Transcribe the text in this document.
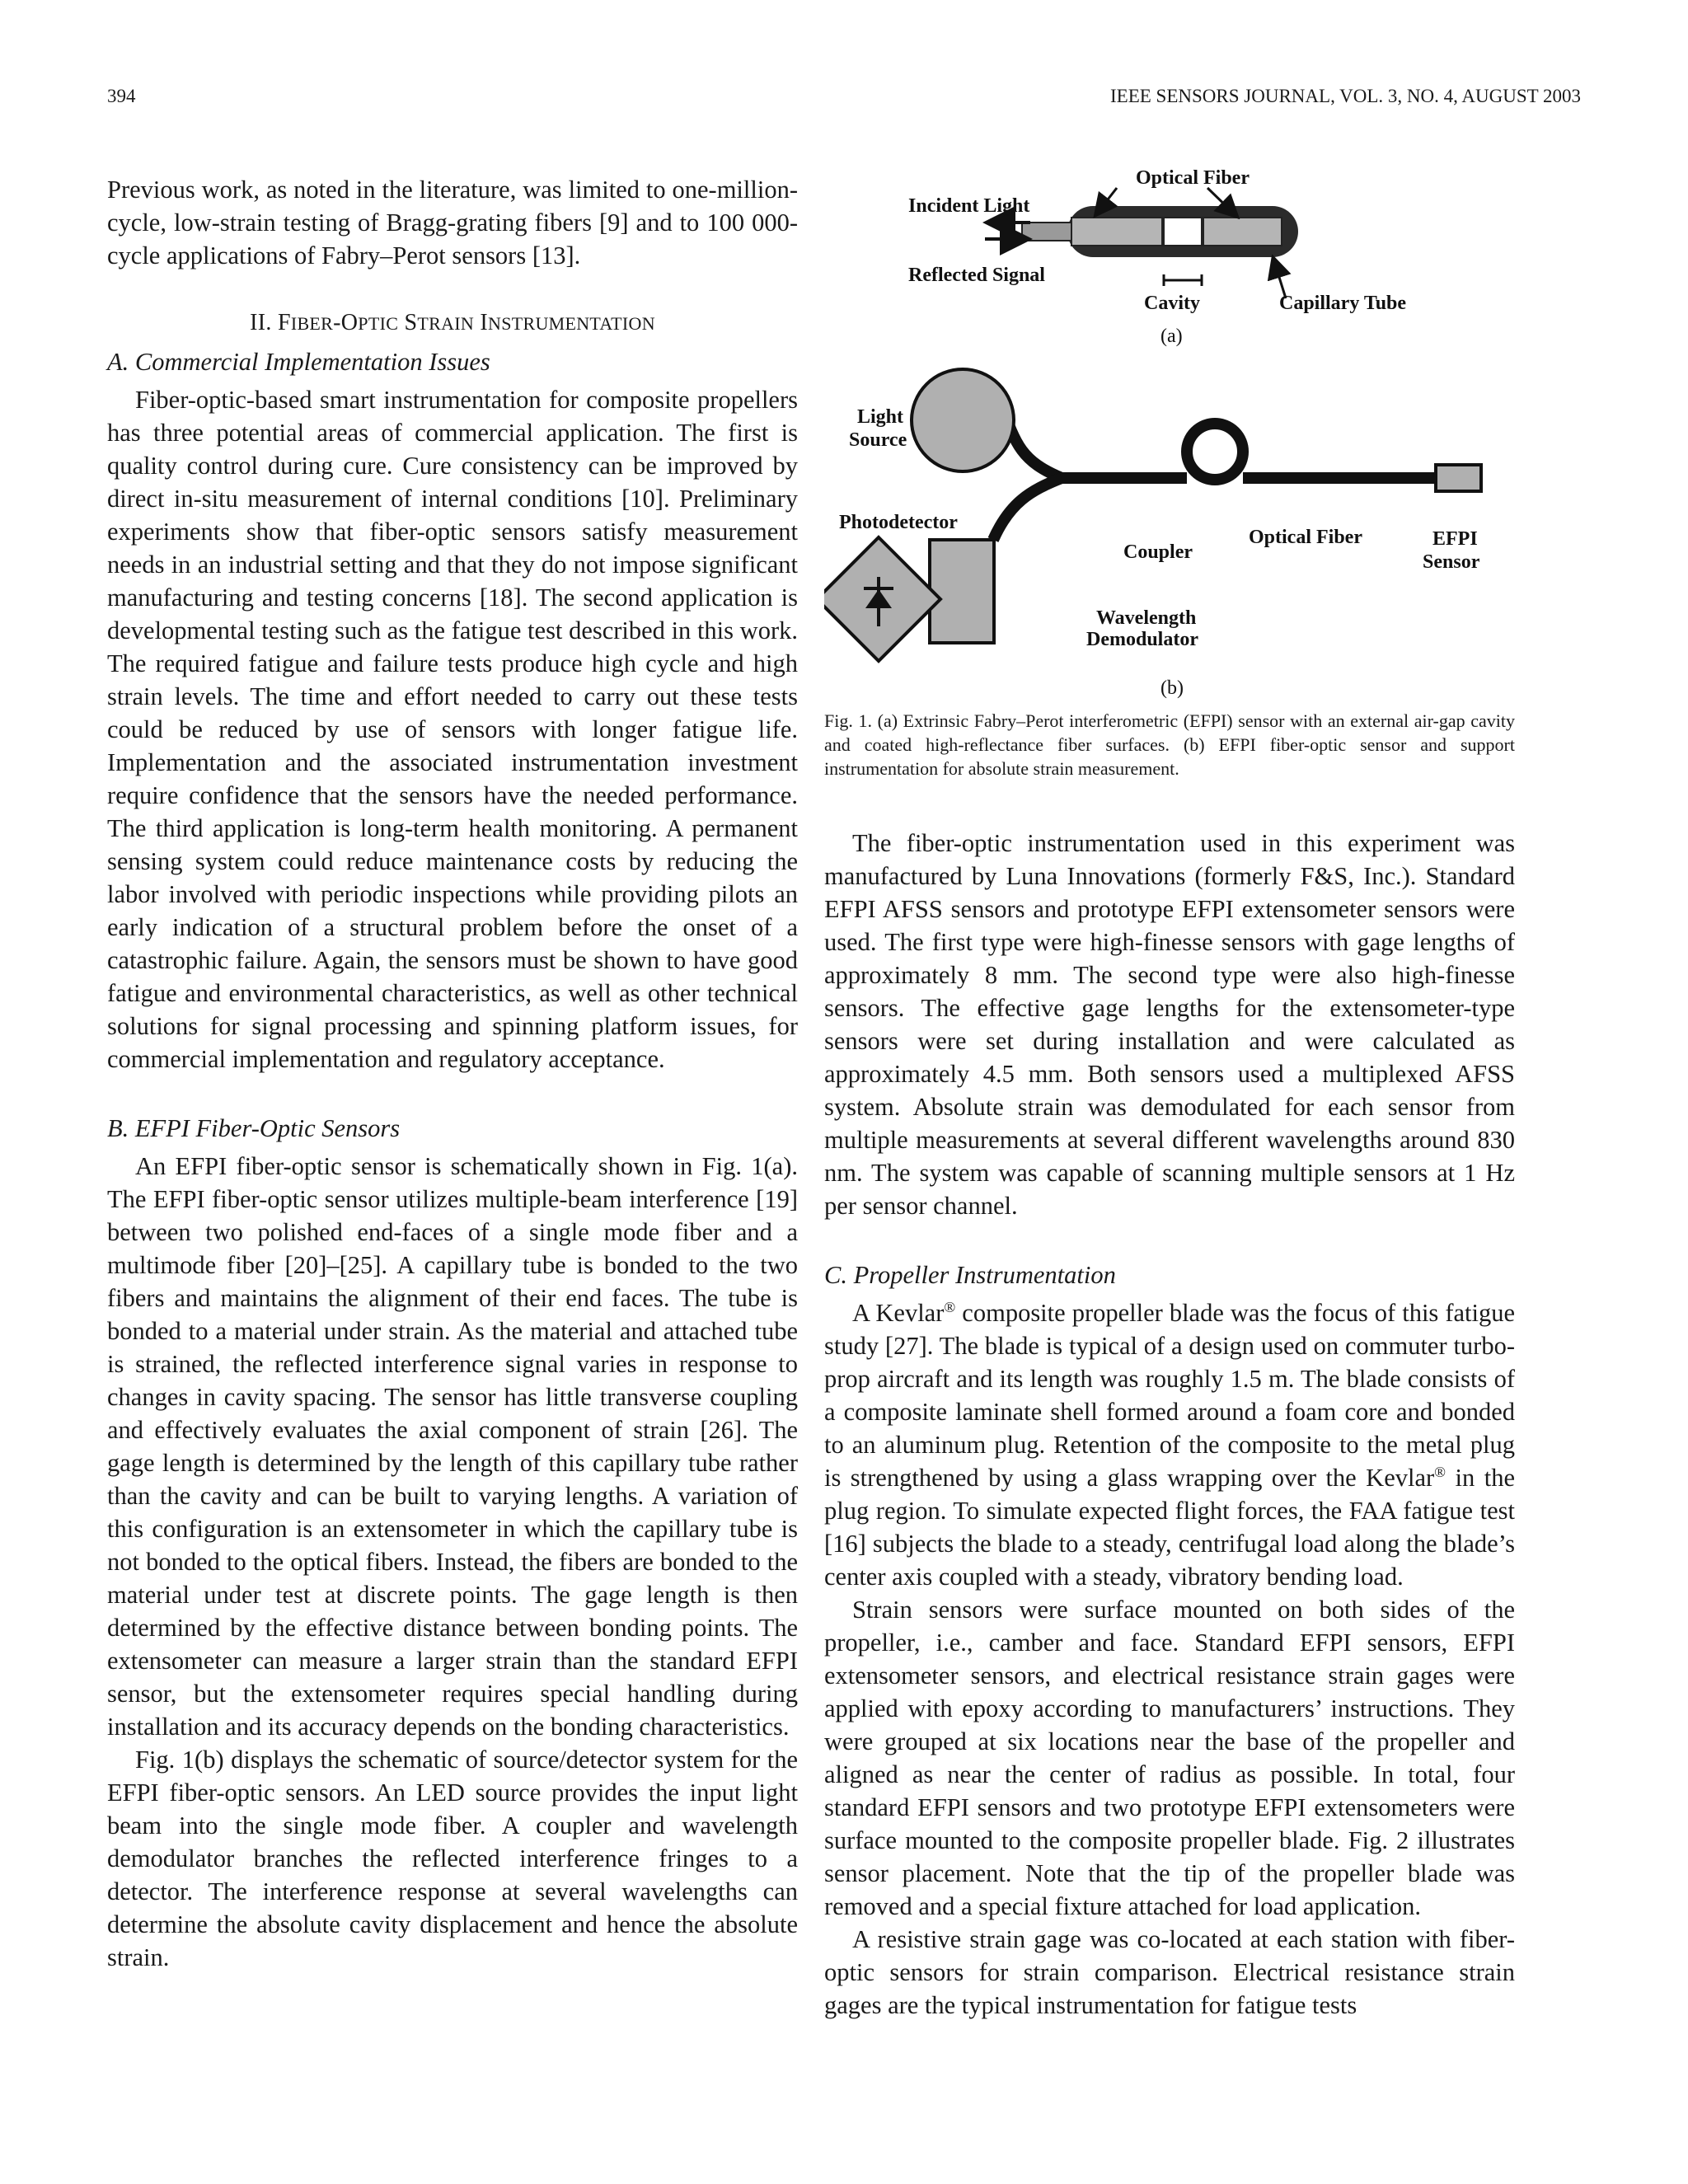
394	IEEE SENSORS JOURNAL, VOL. 3, NO. 4, AUGUST 2003

Previous work, as noted in the literature, was limited to one-million-cycle, low-strain testing of Bragg-grating fibers [9] and to 100 000-cycle applications of Fabry–Perot sensors [13].

II. FIBER-OPTIC STRAIN INSTRUMENTATION
A. Commercial Implementation Issues

Fiber-optic-based smart instrumentation for composite propellers has three potential areas of commercial application. The first is quality control during cure. Cure consistency can be improved by direct in-situ measurement of internal conditions [10]. Preliminary experiments show that fiber-optic sensors satisfy measurement needs in an industrial setting and that they do not impose significant manufacturing and testing concerns [18]. The second application is developmental testing such as the fatigue test described in this work. The required fatigue and failure tests produce high cycle and high strain levels. The time and effort needed to carry out these tests could be reduced by use of sensors with longer fatigue life. Implementation and the associated instrumentation investment require confidence that the sensors have the needed performance. The third application is long-term health monitoring. A permanent sensing system could reduce maintenance costs by reducing the labor involved with periodic inspections while providing pilots an early indication of a structural problem before the onset of a catastrophic failure. Again, the sensors must be shown to have good fatigue and environmental characteristics, as well as other technical solutions for signal processing and spinning platform issues, for commercial implementation and regulatory acceptance.

B. EFPI Fiber-Optic Sensors

An EFPI fiber-optic sensor is schematically shown in Fig. 1(a). The EFPI fiber-optic sensor utilizes multiple-beam interference [19] between two polished end-faces of a single mode fiber and a multimode fiber [20]–[25]. A capillary tube is bonded to the two fibers and maintains the alignment of their end faces. The tube is bonded to a material under strain. As the material and attached tube is strained, the reflected interference signal varies in response to changes in cavity spacing. The sensor has little transverse coupling and effectively evaluates the axial component of strain [26]. The gage length is determined by the length of this capillary tube rather than the cavity and can be built to varying lengths. A variation of this configuration is an extensometer in which the capillary tube is not bonded to the optical fibers. Instead, the fibers are bonded to the material under test at discrete points. The gage length is then determined by the effective distance between bonding points. The extensometer can measure a larger strain than the standard EFPI sensor, but the extensometer requires special handling during installation and its accuracy depends on the bonding characteristics.

Fig. 1(b) displays the schematic of source/detector system for the EFPI fiber-optic sensors. An LED source provides the input light beam into the single mode fiber. A coupler and wavelength demodulator branches the reflected interference fringes to a detector. The interference response at several wavelengths can determine the absolute cavity displacement and hence the absolute strain.

Incident Light
Reflected Signal
Optical Fiber
Cavity	Capillary Tube
(a)
Light
Source
Photodetector
Coupler
Optical Fiber	EFPI
Sensor
Wavelength
Demodulator
(b)
Fig. 1. (a) Extrinsic Fabry–Perot interferometric (EFPI) sensor with an external air-gap cavity and coated high-reflectance fiber surfaces. (b) EFPI fiber-optic sensor and support instrumentation for absolute strain measurement.

The fiber-optic instrumentation used in this experiment was manufactured by Luna Innovations (formerly F&S, Inc.). Standard EFPI AFSS sensors and prototype EFPI extensometer sensors were used. The first type were high-finesse sensors with gage lengths of approximately 8 mm. The second type were also high-finesse sensors. The effective gage lengths for the extensometer-type sensors were set during installation and were calculated as approximately 4.5 mm. Both sensors used a multiplexed AFSS system. Absolute strain was demodulated for each sensor from multiple measurements at several different wavelengths around 830 nm. The system was capable of scanning multiple sensors at 1 Hz per sensor channel.

C. Propeller Instrumentation

A Kevlar® composite propeller blade was the focus of this fatigue study [27]. The blade is typical of a design used on commuter turbo-prop aircraft and its length was roughly 1.5 m. The blade consists of a composite laminate shell formed around a foam core and bonded to an aluminum plug. Retention of the composite to the metal plug is strengthened by using a glass wrapping over the Kevlar® in the plug region. To simulate expected flight forces, the FAA fatigue test [16] subjects the blade to a steady, centrifugal load along the blade’s center axis coupled with a steady, vibratory bending load.

Strain sensors were surface mounted on both sides of the propeller, i.e., camber and face. Standard EFPI sensors, EFPI extensometer sensors, and electrical resistance strain gages were applied with epoxy according to manufacturers’ instructions. They were grouped at six locations near the base of the propeller and aligned as near the center of radius as possible. In total, four standard EFPI sensors and two prototype EFPI extensometers were surface mounted to the composite propeller blade. Fig. 2 illustrates sensor placement. Note that the tip of the propeller blade was removed and a special fixture attached for load application.

A resistive strain gage was co-located at each station with fiber-optic sensors for strain comparison. Electrical resistance strain gages are the typical instrumentation for fatigue tests
